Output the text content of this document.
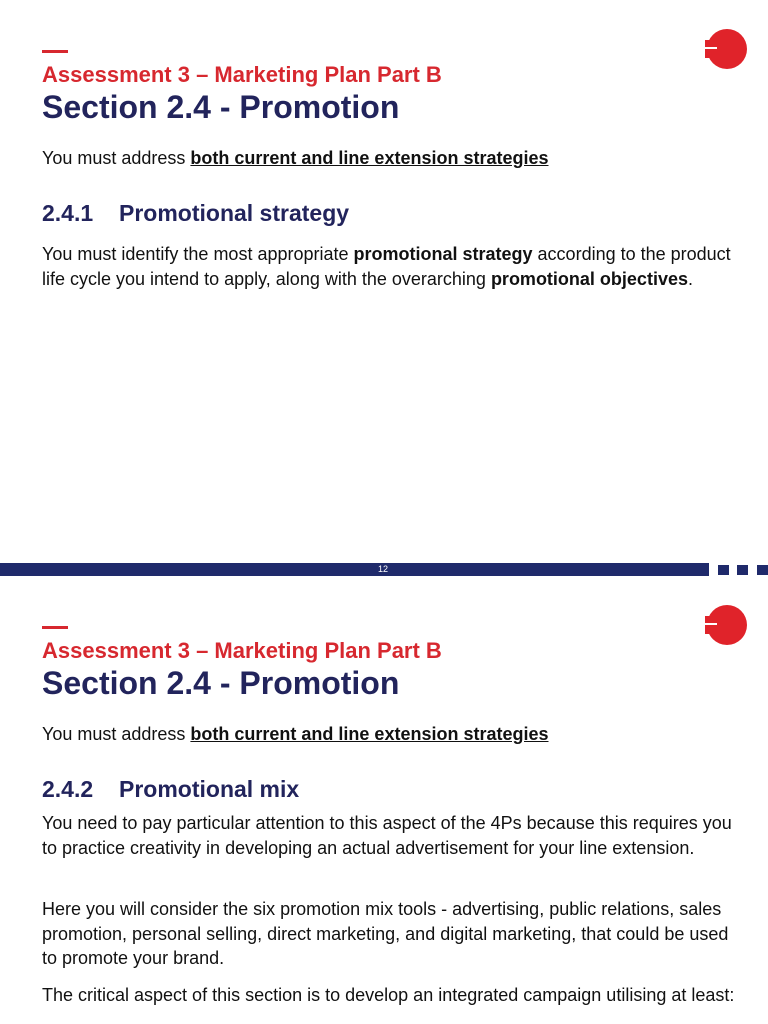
Assessment 3 – Marketing Plan Part B
Section 2.4 - Promotion
You must address both current and line extension strategies
2.4.1 Promotional strategy

You must identify the most appropriate promotional strategy according to the product life cycle you intend to apply, along with the overarching promotional objectives.

12
Assessment 3 – Marketing Plan Part B
Section 2.4 - Promotion
You must address both current and line extension strategies
2.4.2 Promotional mix

You need to pay particular attention to this aspect of the 4Ps because this requires you to practice creativity in developing an actual advertisement for your line extension.

Here you will consider the six promotion mix tools - advertising, public relations, sales promotion, personal selling, direct marketing, and digital marketing, that could be used to promote your brand.

The critical aspect of this section is to develop an integrated campaign utilising at least:
